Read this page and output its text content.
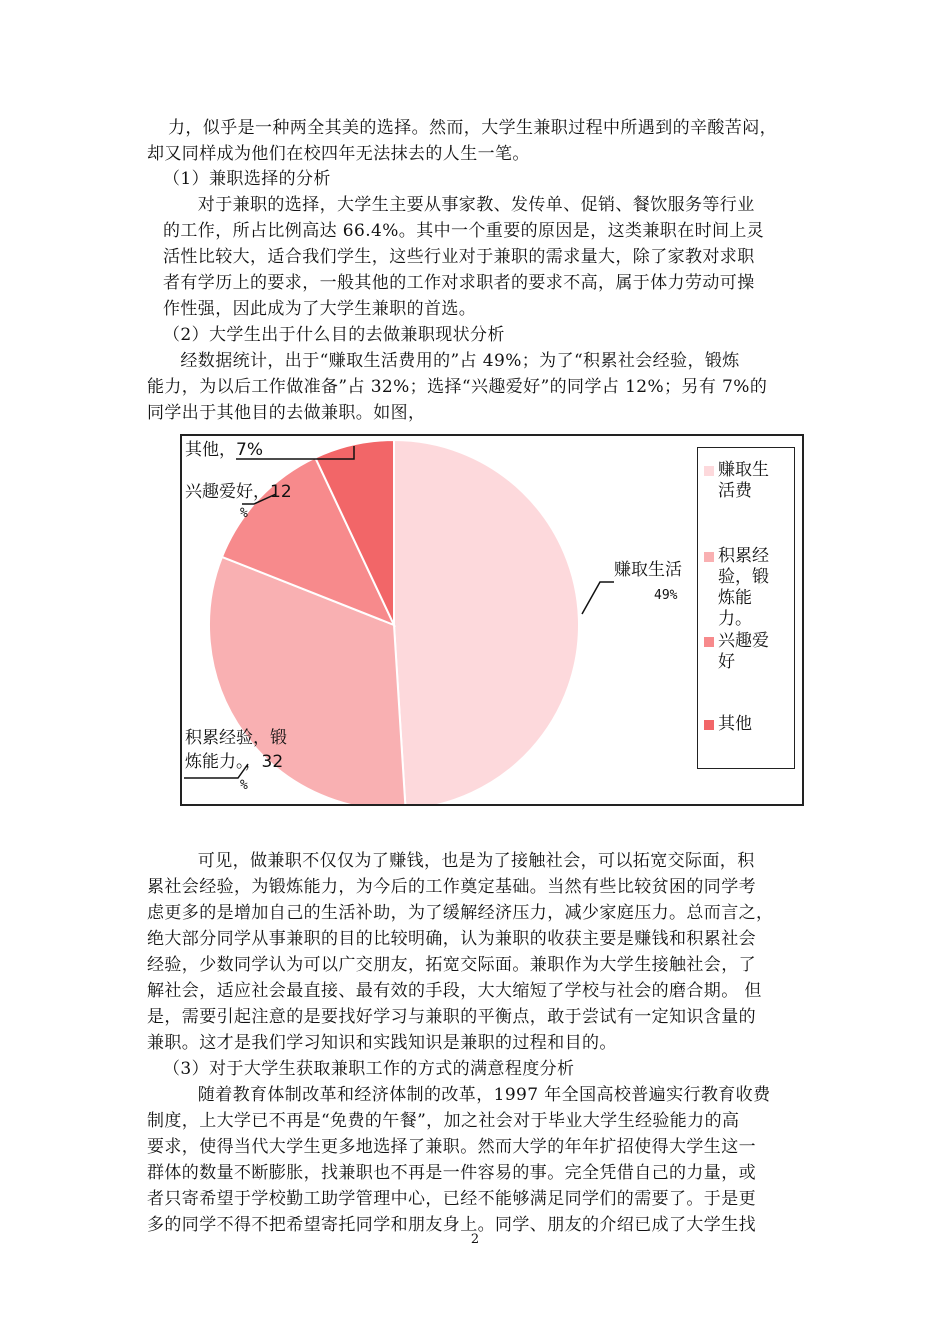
力，似乎是一种两全其美的选择。然而，大学生兼职过程中所遇到的辛酸苦闷，
却又同样成为他们在校四年无法抹去的人生一笔。
（1）兼职选择的分析
　　对于兼职的选择，大学生主要从事家教、发传单、促销、餐饮服务等行业
的工作，所占比例高达 66.4%。其中一个重要的原因是，这类兼职在时间上灵
活性比较大，适合我们学生，这些行业对于兼职的需求量大，除了家教对求职
者有学历上的要求，一般其他的工作对求职者的要求不高，属于体力劳动可操
作性强，因此成为了大学生兼职的首选。
（2）大学生出于什么目的去做兼职现状分析
　经数据统计，出于“赚取生活费用的”占 49%；为了“积累社会经验，锻炼
能力，为以后工作做准备”占 32%；选择“兴趣爱好”的同学占 12%；另有 7%的
同学出于其他目的去做兼职。如图，
其他，7%
兴趣爱好，12
%
赚取生活
49%
积累经验，锻
炼能力。，32
%
赚取生活费
积累经验，锻炼能力。
兴趣爱好
其他
　　可见，做兼职不仅仅为了赚钱，也是为了接触社会，可以拓宽交际面，积
累社会经验，为锻炼能力，为今后的工作奠定基础。当然有些比较贫困的同学考
虑更多的是增加自己的生活补助，为了缓解经济压力，减少家庭压力。总而言之，
绝大部分同学从事兼职的目的比较明确，认为兼职的收获主要是赚钱和积累社会
经验，少数同学认为可以广交朋友，拓宽交际面。兼职作为大学生接触社会，了
解社会，适应社会最直接、最有效的手段，大大缩短了学校与社会的磨合期。 但
是，需要引起注意的是要找好学习与兼职的平衡点，敢于尝试有一定知识含量的
兼职。这才是我们学习知识和实践知识是兼职的过程和目的。
（3）对于大学生获取兼职工作的方式的满意程度分析
　　随着教育体制改革和经济体制的改革，1997 年全国高校普遍实行教育收费
制度，上大学已不再是“免费的午餐”，加之社会对于毕业大学生经验能力的高
要求，使得当代大学生更多地选择了兼职。然而大学的年年扩招使得大学生这一
群体的数量不断膨胀，找兼职也不再是一件容易的事。完全凭借自己的力量，或
者只寄希望于学校勤工助学管理中心，已经不能够满足同学们的需要了。于是更
多的同学不得不把希望寄托同学和朋友身上。同学、朋友的介绍已成了大学生找
2
